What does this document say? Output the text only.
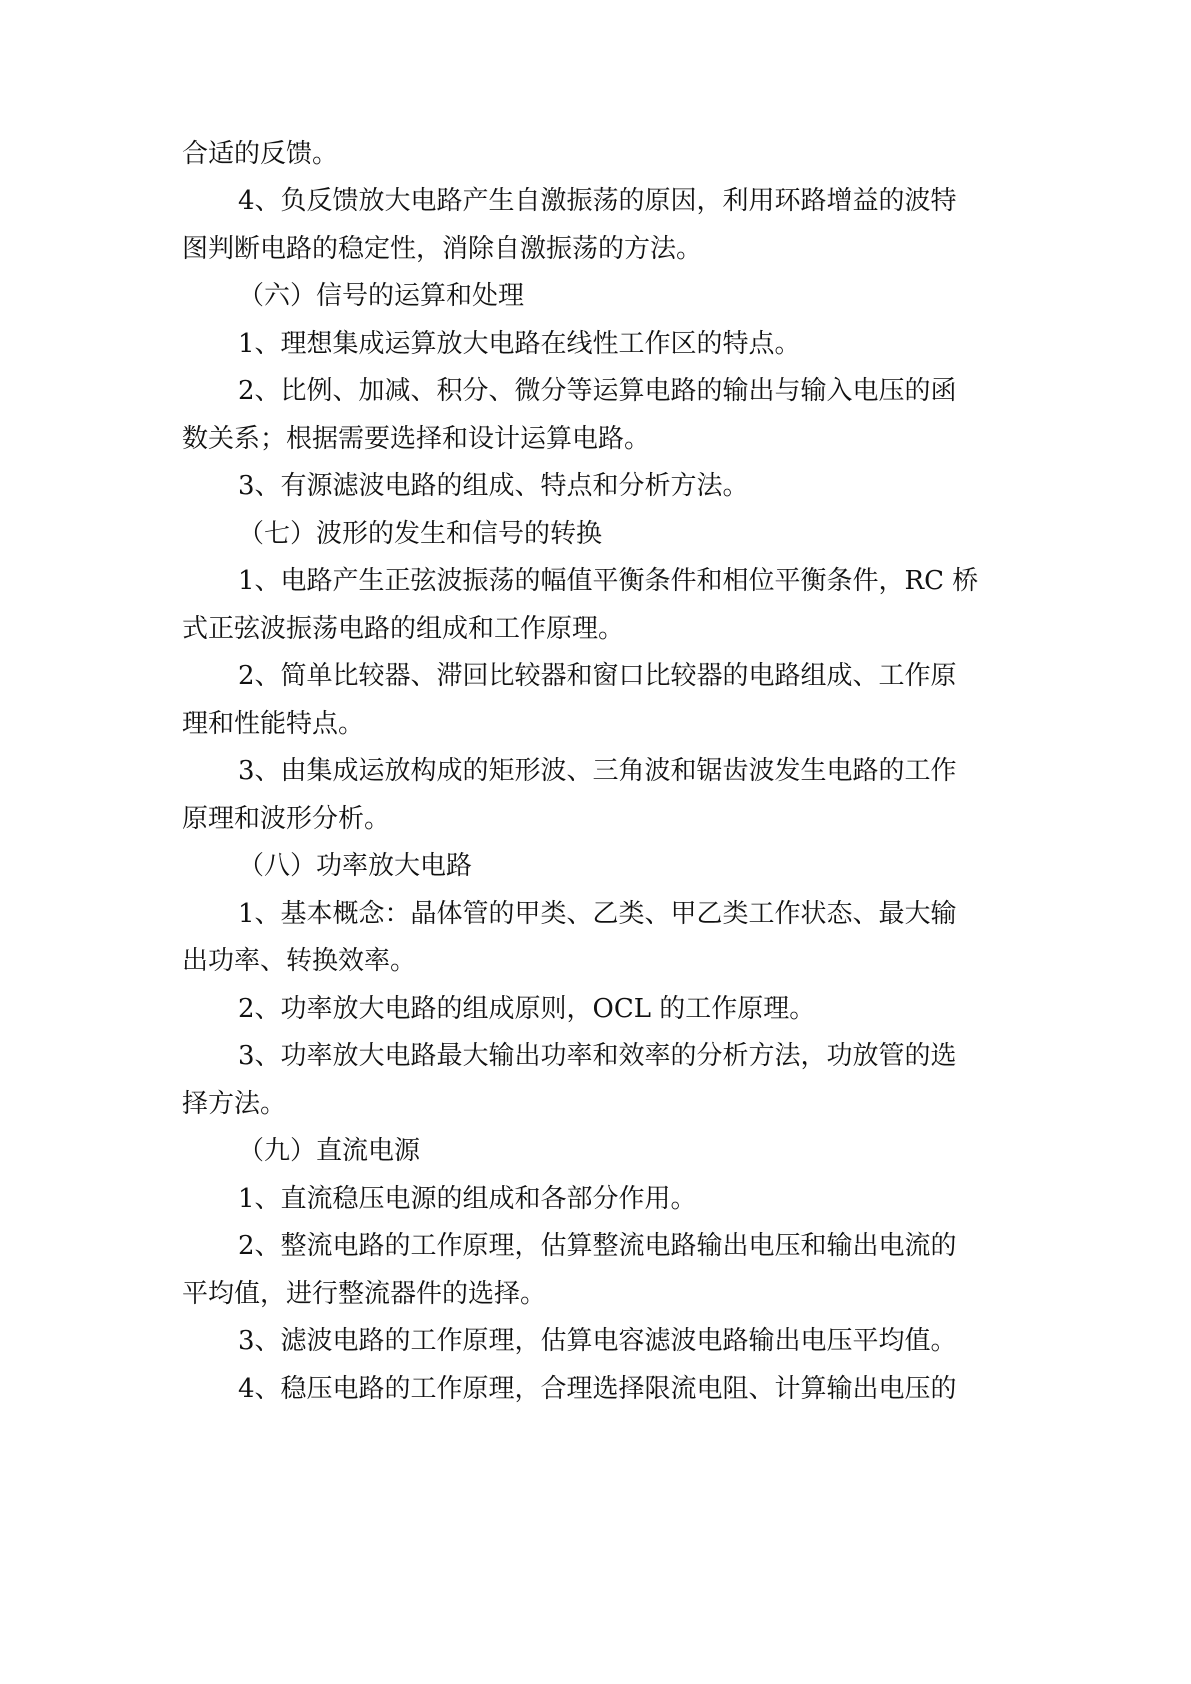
合适的反馈。
4、负反馈放大电路产生自激振荡的原因，利用环路增益的波特
图判断电路的稳定性，消除自激振荡的方法。
（六）信号的运算和处理
1、理想集成运算放大电路在线性工作区的特点。
2、比例、加减、积分、微分等运算电路的输出与输入电压的函
数关系；根据需要选择和设计运算电路。
3、有源滤波电路的组成、特点和分析方法。
（七）波形的发生和信号的转换
1、电路产生正弦波振荡的幅值平衡条件和相位平衡条件，RC 桥
式正弦波振荡电路的组成和工作原理。
2、简单比较器、滞回比较器和窗口比较器的电路组成、工作原
理和性能特点。
3、由集成运放构成的矩形波、三角波和锯齿波发生电路的工作
原理和波形分析。
（八）功率放大电路
1、基本概念：晶体管的甲类、乙类、甲乙类工作状态、最大输
出功率、转换效率。
2、功率放大电路的组成原则，OCL 的工作原理。
3、功率放大电路最大输出功率和效率的分析方法，功放管的选
择方法。
（九）直流电源
1、直流稳压电源的组成和各部分作用。
2、整流电路的工作原理，估算整流电路输出电压和输出电流的
平均值，进行整流器件的选择。
3、滤波电路的工作原理，估算电容滤波电路输出电压平均值。
4、稳压电路的工作原理，合理选择限流电阻、计算输出电压的
